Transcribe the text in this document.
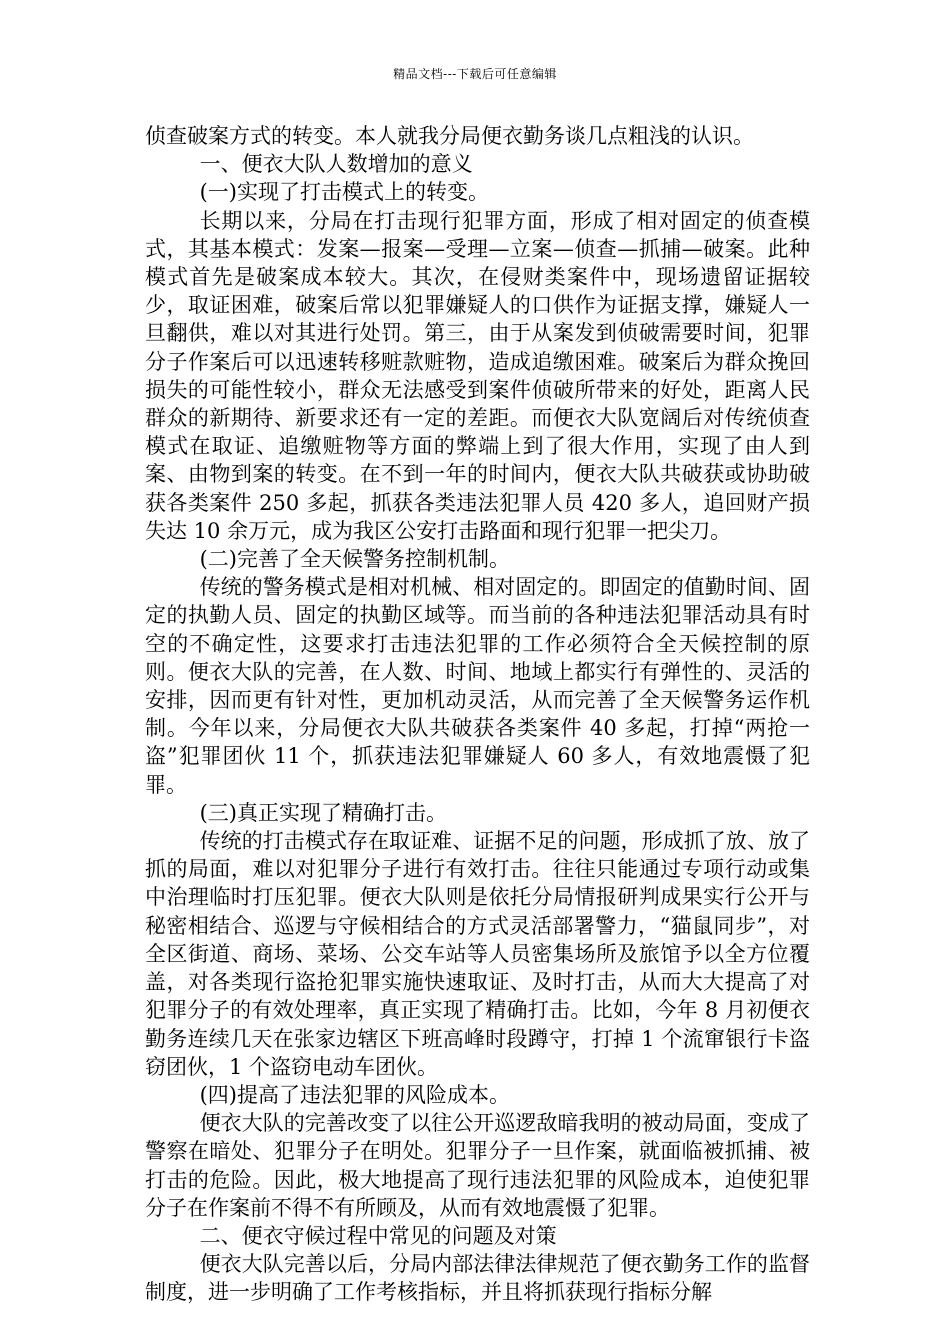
精品文档---下载后可任意编辑

侦查破案方式的转变。本人就我分局便衣勤务谈几点粗浅的认识。

一、便衣大队人数增加的意义

(一)实现了打击模式上的转变。

长期以来，分局在打击现行犯罪方面，形成了相对固定的侦查模式，其基本模式：发案—报案—受理—立案—侦查—抓捕—破案。此种模式首先是破案成本较大。其次，在侵财类案件中，现场遗留证据较少，取证困难，破案后常以犯罪嫌疑人的口供作为证据支撑，嫌疑人一旦翻供，难以对其进行处罚。第三，由于从案发到侦破需要时间，犯罪分子作案后可以迅速转移赃款赃物，造成追缴困难。破案后为群众挽回损失的可能性较小，群众无法感受到案件侦破所带来的好处，距离人民群众的新期待、新要求还有一定的差距。而便衣大队宽阔后对传统侦查模式在取证、追缴赃物等方面的弊端上到了很大作用，实现了由人到案、由物到案的转变。在不到一年的时间内，便衣大队共破获或协助破获各类案件 250 多起，抓获各类违法犯罪人员 420 多人，追回财产损失达 10 余万元，成为我区公安打击路面和现行犯罪一把尖刀。

(二)完善了全天候警务控制机制。

传统的警务模式是相对机械、相对固定的。即固定的值勤时间、固定的执勤人员、固定的执勤区域等。而当前的各种违法犯罪活动具有时空的不确定性，这要求打击违法犯罪的工作必须符合全天候控制的原则。便衣大队的完善，在人数、时间、地域上都实行有弹性的、灵活的安排，因而更有针对性，更加机动灵活，从而完善了全天候警务运作机制。今年以来，分局便衣大队共破获各类案件 40 多起，打掉“两抢一盗”犯罪团伙 11 个，抓获违法犯罪嫌疑人 60 多人，有效地震慑了犯罪。

(三)真正实现了精确打击。

传统的打击模式存在取证难、证据不足的问题，形成抓了放、放了抓的局面，难以对犯罪分子进行有效打击。往往只能通过专项行动或集中治理临时打压犯罪。便衣大队则是依托分局情报研判成果实行公开与秘密相结合、巡逻与守候相结合的方式灵活部署警力，“猫鼠同步”，对全区街道、商场、菜场、公交车站等人员密集场所及旅馆予以全方位覆盖，对各类现行盗抢犯罪实施快速取证、及时打击，从而大大提高了对犯罪分子的有效处理率，真正实现了精确打击。比如，今年 8 月初便衣勤务连续几天在张家边辖区下班高峰时段蹲守，打掉 1 个流窜银行卡盗窃团伙，1 个盗窃电动车团伙。

(四)提高了违法犯罪的风险成本。

便衣大队的完善改变了以往公开巡逻敌暗我明的被动局面，变成了警察在暗处、犯罪分子在明处。犯罪分子一旦作案，就面临被抓捕、被打击的危险。因此，极大地提高了现行违法犯罪的风险成本，迫使犯罪分子在作案前不得不有所顾及，从而有效地震慑了犯罪。

二、便衣守候过程中常见的问题及对策

便衣大队完善以后，分局内部法律法律规范了便衣勤务工作的监督制度，进一步明确了工作考核指标，并且将抓获现行指标分解
